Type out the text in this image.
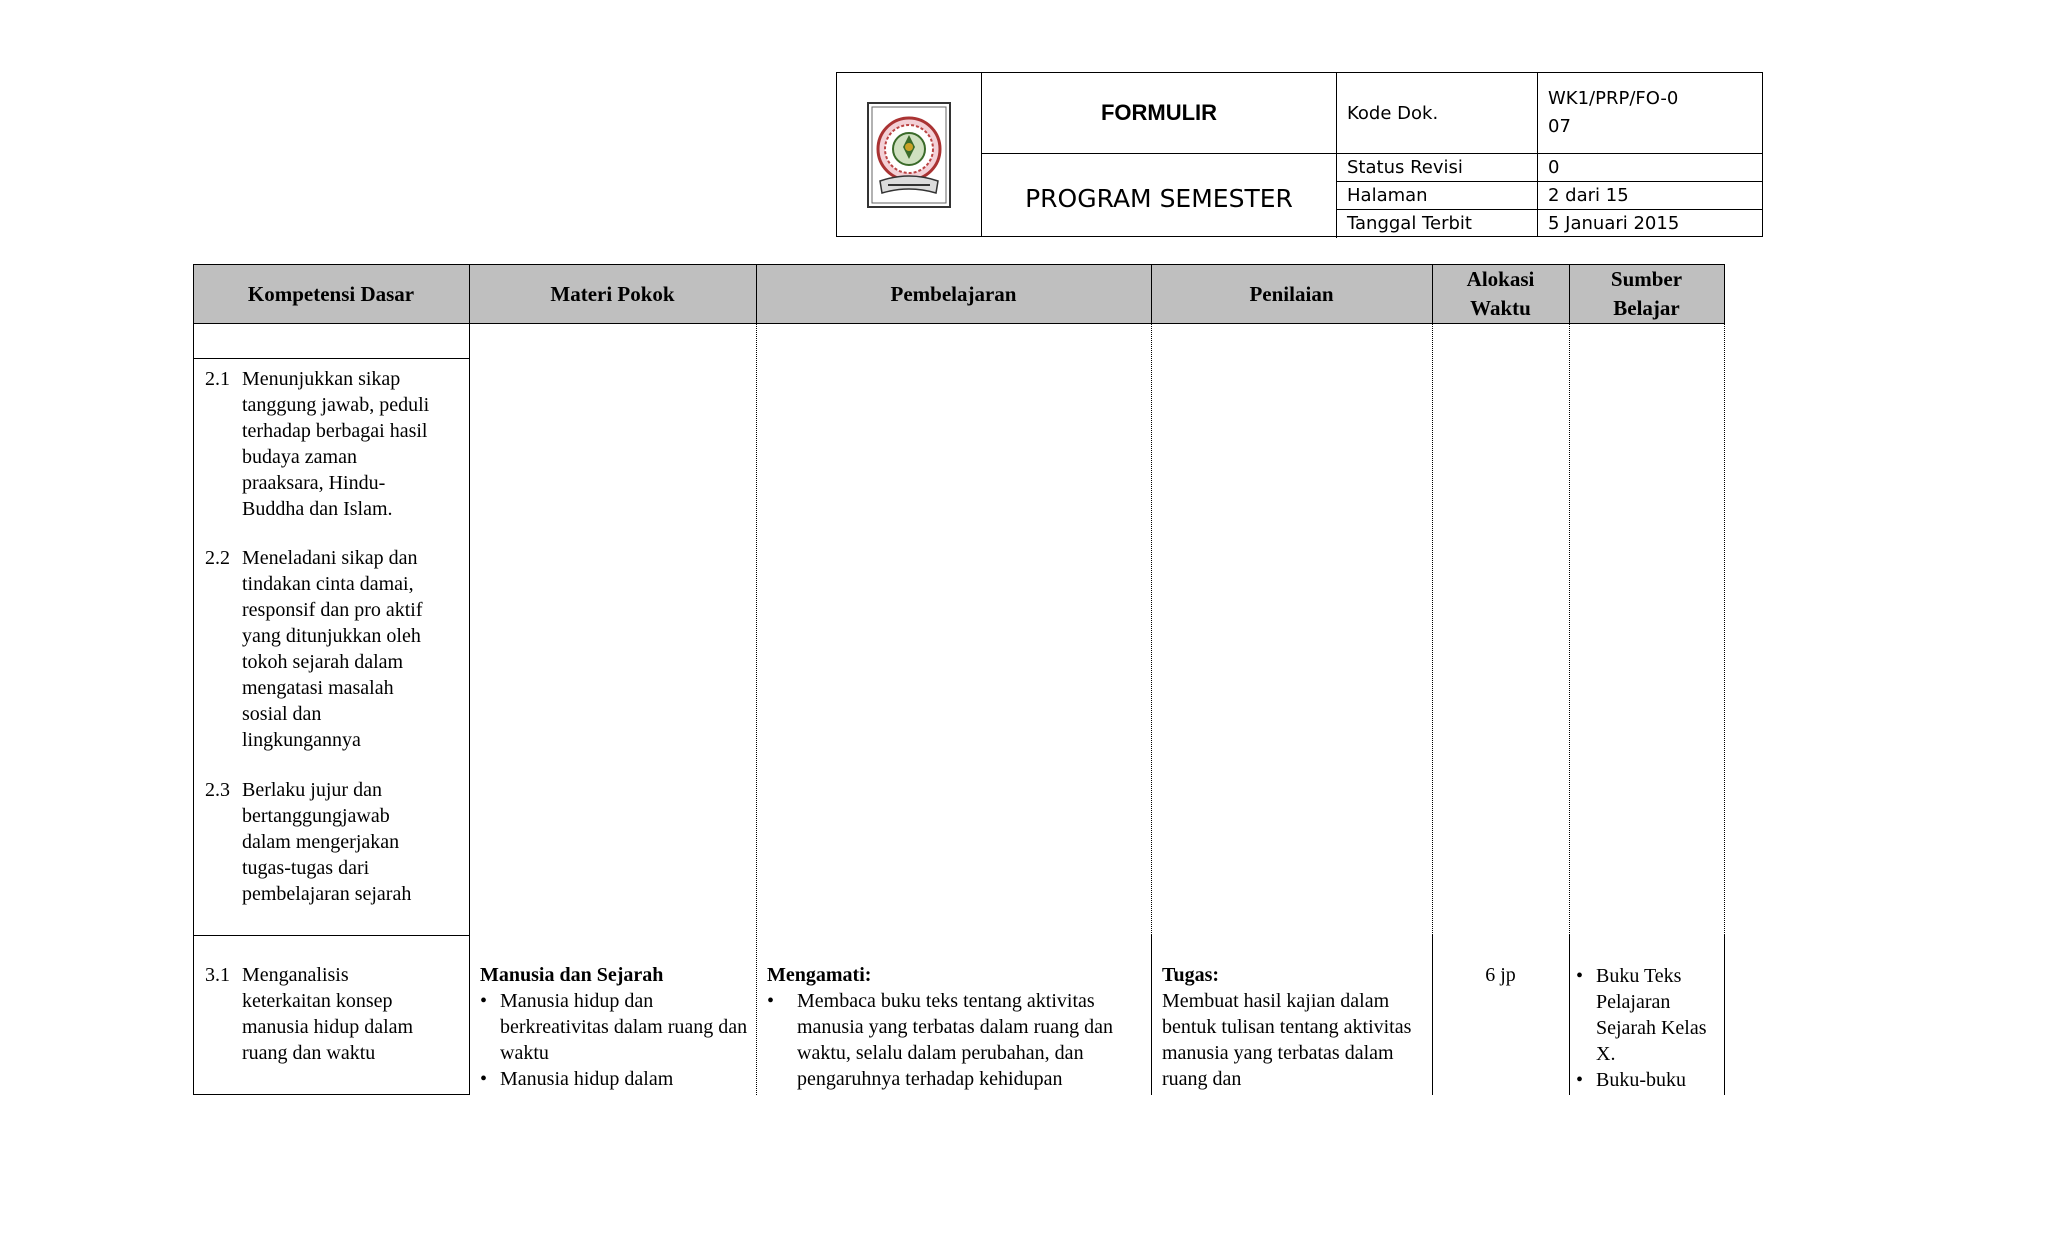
FORMULIR
PROGRAM SEMESTER
Kode Dok.
WK1/PRP/FO-007
Status Revisi	0
Halaman	2 dari 15
Tanggal Terbit	5 Januari 2015
Kompetensi Dasar	Materi Pokok	Pembelajaran	Penilaian
Alokasi Waktu
Sumber Belajar
2.1 Menunjukkan sikap
tanggung jawab, peduli
terhadap berbagai hasil
budaya zaman
praaksara, Hindu-
Buddha dan Islam.
2.2 Meneladani sikap dan
tindakan cinta damai,
responsif dan pro aktif
yang ditunjukkan oleh
tokoh sejarah dalam
mengatasi masalah
sosial dan
lingkungannya
2.3 Berlaku jujur dan
bertanggungjawab
dalam mengerjakan
tugas-tugas dari
pembelajaran sejarah
3.1 Menganalisis
keterkaitan konsep
manusia hidup dalam
ruang dan waktu
Manusia dan Sejarah
• Manusia hidup dan berkreativitas dalam ruang dan waktu
• Manusia hidup dalam
Mengamati:
• Membaca buku teks tentang aktivitas manusia yang terbatas dalam ruang dan waktu, selalu dalam perubahan, dan pengaruhnya terhadap kehidupan
Tugas:
Membuat hasil kajian dalam bentuk tulisan tentang aktivitas manusia yang terbatas dalam ruang dan
6 jp
•	Buku Teks Pelajaran Sejarah Kelas X.
• Buku-buku
